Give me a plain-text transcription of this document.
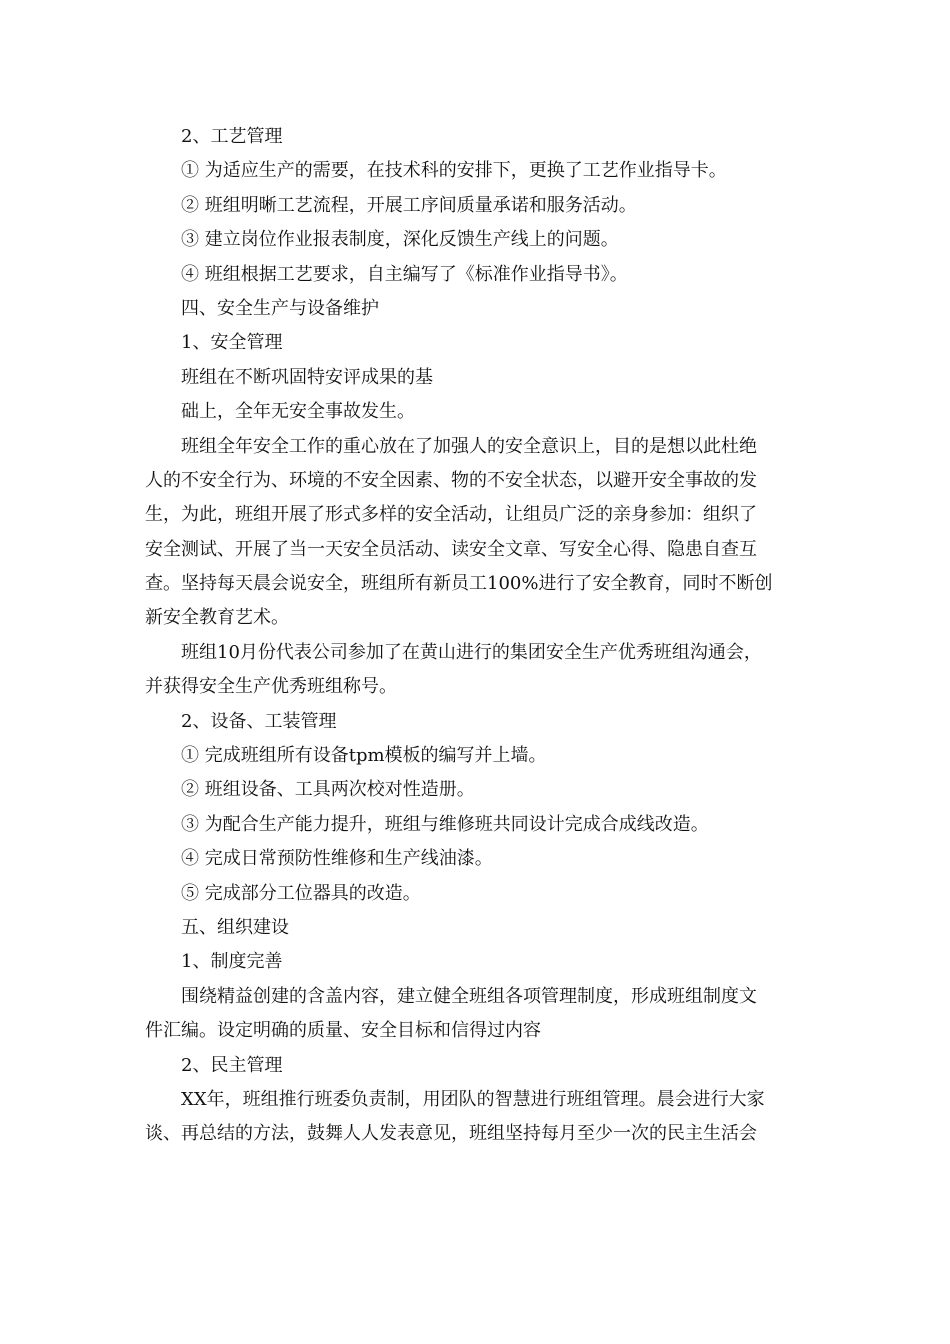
2、工艺管理
① 为适应生产的需要，在技术科的安排下，更换了工艺作业指导卡。
② 班组明晰工艺流程，开展工序间质量承诺和服务活动。
③ 建立岗位作业报表制度，深化反馈生产线上的问题。
④ 班组根据工艺要求，自主编写了《标准作业指导书》。
四、安全生产与设备维护
1、安全管理
班组在不断巩固特安评成果的基
础上，全年无安全事故发生。
班组全年安全工作的重心放在了加强人的安全意识上，目的是想以此杜绝
人的不安全行为、环境的不安全因素、物的不安全状态，以避开安全事故的发
生，为此，班组开展了形式多样的安全活动，让组员广泛的亲身参加：组织了
安全测试、开展了当一天安全员活动、读安全文章、写安全心得、隐患自查互
查。坚持每天晨会说安全，班组所有新员工100%进行了安全教育，同时不断创
新安全教育艺术。
班组10月份代表公司参加了在黄山进行的集团安全生产优秀班组沟通会，
并获得安全生产优秀班组称号。
2、设备、工装管理
① 完成班组所有设备tpm模板的编写并上墙。
② 班组设备、工具两次校对性造册。
③ 为配合生产能力提升，班组与维修班共同设计完成合成线改造。
④ 完成日常预防性维修和生产线油漆。
⑤ 完成部分工位器具的改造。
五、组织建设
1、制度完善
围绕精益创建的含盖内容，建立健全班组各项管理制度，形成班组制度文
件汇编。设定明确的质量、安全目标和信得过内容
2、民主管理
XX年，班组推行班委负责制，用团队的智慧进行班组管理。晨会进行大家
谈、再总结的方法，鼓舞人人发表意见，班组坚持每月至少一次的民主生活会
